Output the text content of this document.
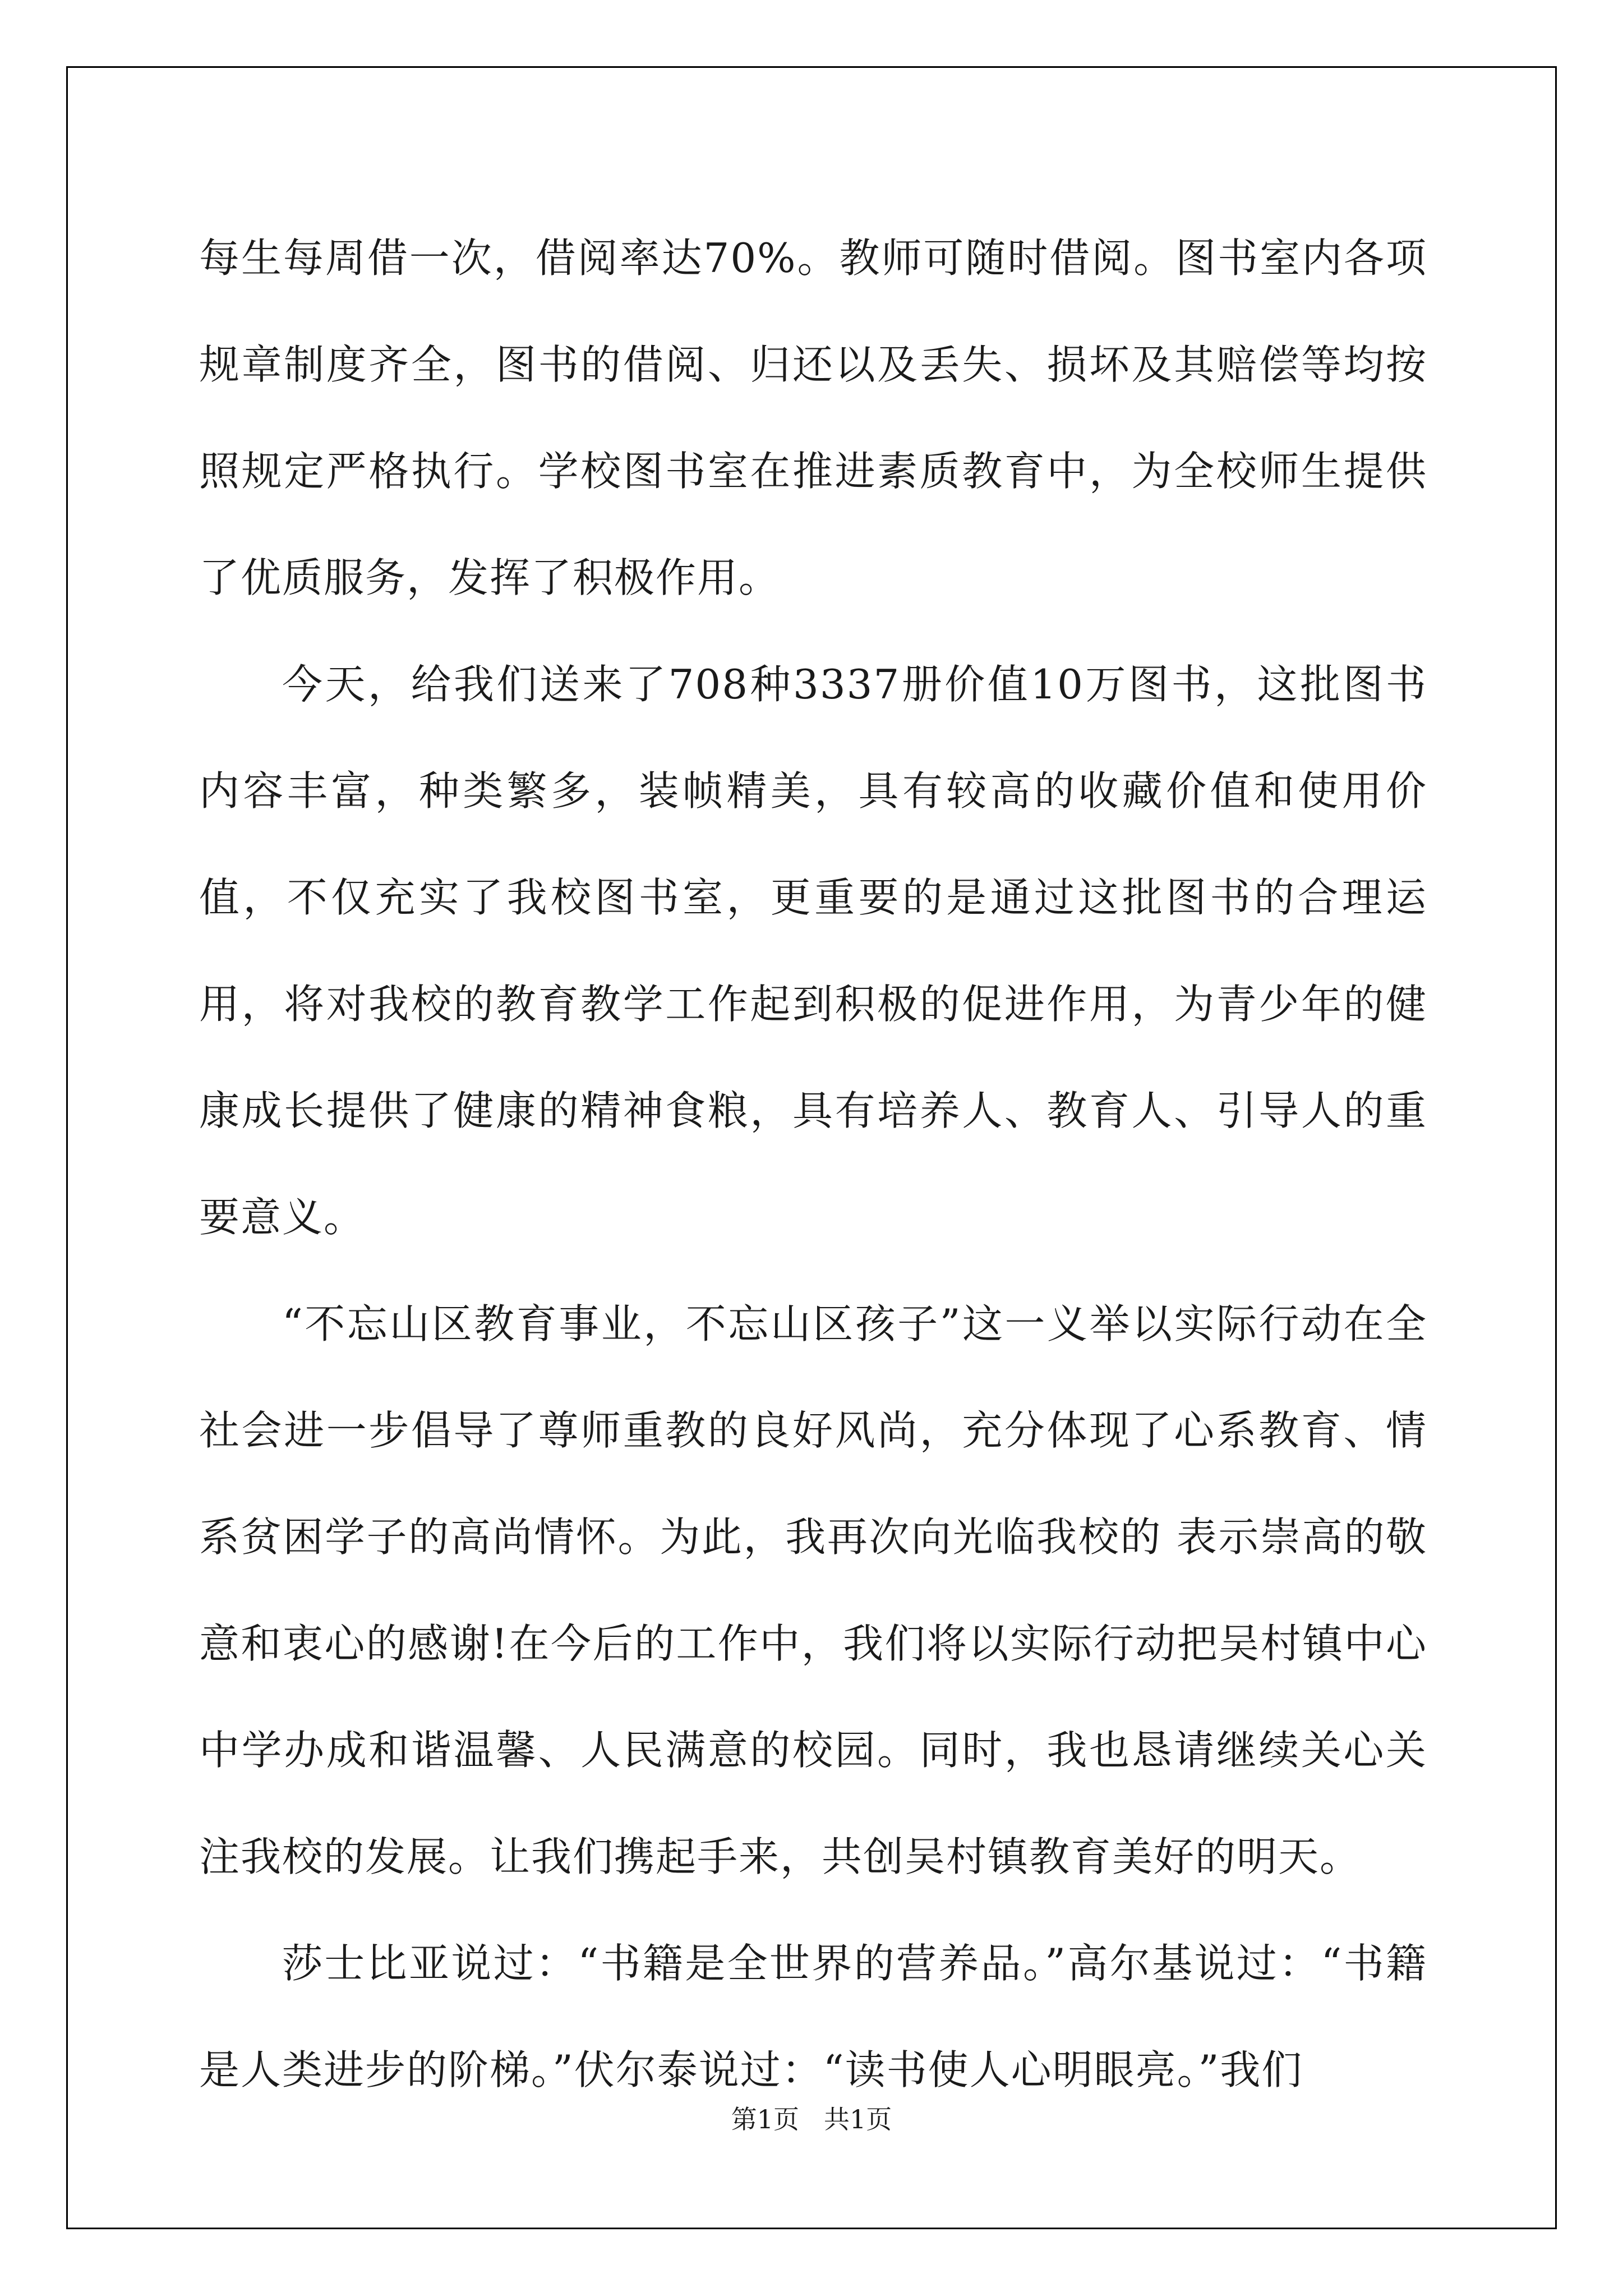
每生每周借一次，借阅率达70%。教师可随时借阅。图书室内各项规章制度齐全，图书的借阅、归还以及丢失、损坏及其赔偿等均按照规定严格执行。学校图书室在推进素质教育中，为全校师生提供了优质服务，发挥了积极作用。

今天，给我们送来了708种3337册价值10万图书，这批图书内容丰富，种类繁多，装帧精美，具有较高的收藏价值和使用价值，不仅充实了我校图书室，更重要的是通过这批图书的合理运用，将对我校的教育教学工作起到积极的促进作用，为青少年的健康成长提供了健康的精神食粮，具有培养人、教育人、引导人的重要意义。

“不忘山区教育事业，不忘山区孩子”这一义举以实际行动在全社会进一步倡导了尊师重教的良好风尚，充分体现了心系教育、情系贫困学子的高尚情怀。为此，我再次向光临我校的 表示崇高的敬意和衷心的感谢!在今后的工作中，我们将以实际行动把吴村镇中心中学办成和谐温馨、人民满意的校园。同时，我也恳请继续关心关注我校的发展。让我们携起手来，共创吴村镇教育美好的明天。

莎士比亚说过：“书籍是全世界的营养品。”高尔基说过：“书籍是人类进步的阶梯。”伏尔泰说过：“读书使人心明眼亮。”我们

第1页 共1页
